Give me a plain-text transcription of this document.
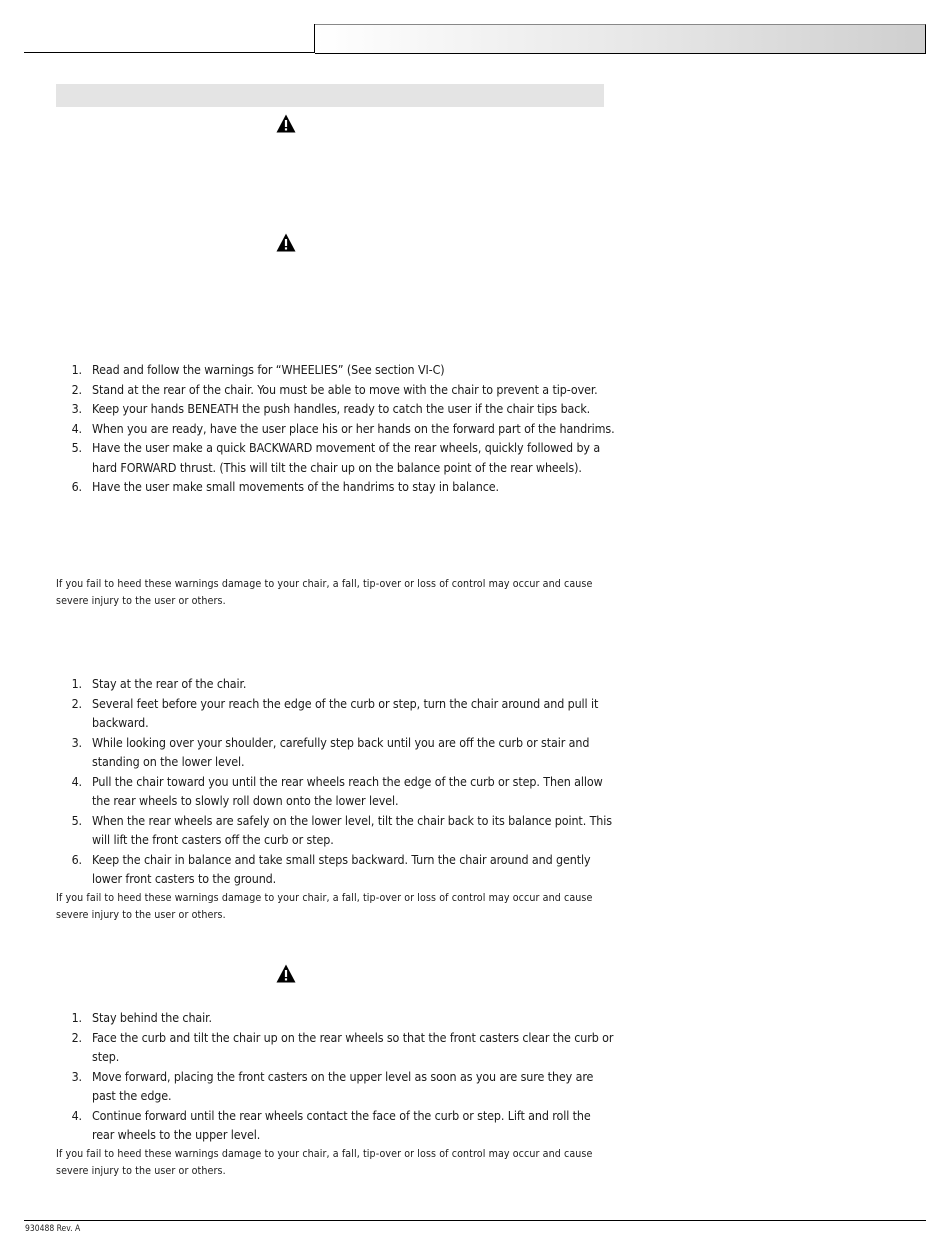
1. Read and follow the warnings for “WHEELIES” (See section VI-C)
2. Stand at the rear of the chair. You must be able to move with the chair to prevent a tip-over.
3. Keep your hands BENEATH the push handles, ready to catch the user if the chair tips back.
4. When you are ready, have the user place his or her hands on the forward part of the handrims.
5. Have the user make a quick BACKWARD movement of the rear wheels, quickly followed by a hard FORWARD thrust. (This will tilt the chair up on the balance point of the rear wheels).
6. Have the user make small movements of the handrims to stay in balance.

If you fail to heed these warnings damage to your chair, a fall, tip-over or loss of control may occur and cause severe injury to the user or others.

1. Stay at the rear of the chair.
2. Several feet before your reach the edge of the curb or step, turn the chair around and pull it backward.
3. While looking over your shoulder, carefully step back until you are off the curb or stair and standing on the lower level.
4. Pull the chair toward you until the rear wheels reach the edge of the curb or step. Then allow the rear wheels to slowly roll down onto the lower level.
5. When the rear wheels are safely on the lower level, tilt the chair back to its balance point. This will lift the front casters off the curb or step.
6. Keep the chair in balance and take small steps backward. Turn the chair around and gently lower front casters to the ground.

If you fail to heed these warnings damage to your chair, a fall, tip-over or loss of control may occur and cause severe injury to the user or others.

1. Stay behind the chair.
2. Face the curb and tilt the chair up on the rear wheels so that the front casters clear the curb or step.
3. Move forward, placing the front casters on the upper level as soon as you are sure they are past the edge.
4. Continue forward until the rear wheels contact the face of the curb or step. Lift and roll the rear wheels to the upper level.

If you fail to heed these warnings damage to your chair, a fall, tip-over or loss of control may occur and cause severe injury to the user or others.

930488 Rev. A
